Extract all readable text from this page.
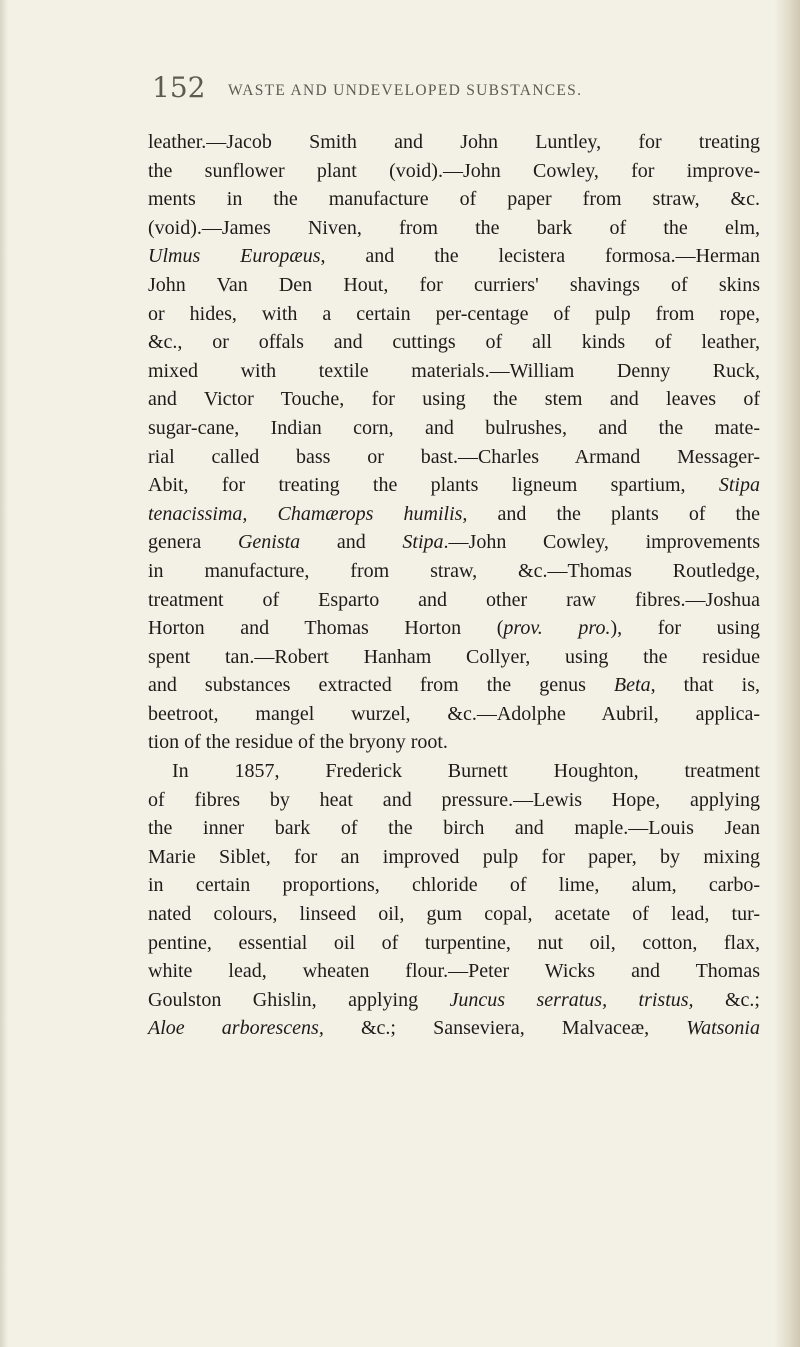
152 WASTE AND UNDEVELOPED SUBSTANCES.
leather.—Jacob Smith and John Luntley, for treating
the sunflower plant (void).—John Cowley, for improve-
ments in the manufacture of paper from straw, &c.
(void).—James Niven, from the bark of the elm,
Ulmus Europæus, and the lecistera formosa.—Herman
John Van Den Hout, for curriers' shavings of skins
or hides, with a certain per-centage of pulp from rope,
&c., or offals and cuttings of all kinds of leather,
mixed with textile materials.—William Denny Ruck,
and Victor Touche, for using the stem and leaves of
sugar-cane, Indian corn, and bulrushes, and the mate-
rial called bass or bast.—Charles Armand Messager-
Abit, for treating the plants ligneum spartium, Stipa
tenacissima, Chamærops humilis, and the plants of the
genera Genista and Stipa.—John Cowley, improvements
in manufacture, from straw, &c.—Thomas Routledge,
treatment of Esparto and other raw fibres.—Joshua
Horton and Thomas Horton (prov. pro.), for using
spent tan.—Robert Hanham Collyer, using the residue
and substances extracted from the genus Beta, that is,
beetroot, mangel wurzel, &c.—Adolphe Aubril, applica-
tion of the residue of the bryony root.
In 1857, Frederick Burnett Houghton, treatment
of fibres by heat and pressure.—Lewis Hope, applying
the inner bark of the birch and maple.—Louis Jean
Marie Siblet, for an improved pulp for paper, by mixing
in certain proportions, chloride of lime, alum, carbo-
nated colours, linseed oil, gum copal, acetate of lead, tur-
pentine, essential oil of turpentine, nut oil, cotton, flax,
white lead, wheaten flour.—Peter Wicks and Thomas
Goulston Ghislin, applying Juncus serratus, tristus, &c.;
Aloe arborescens, &c.; Sanseviera, Malvaceæ, Watsonia
